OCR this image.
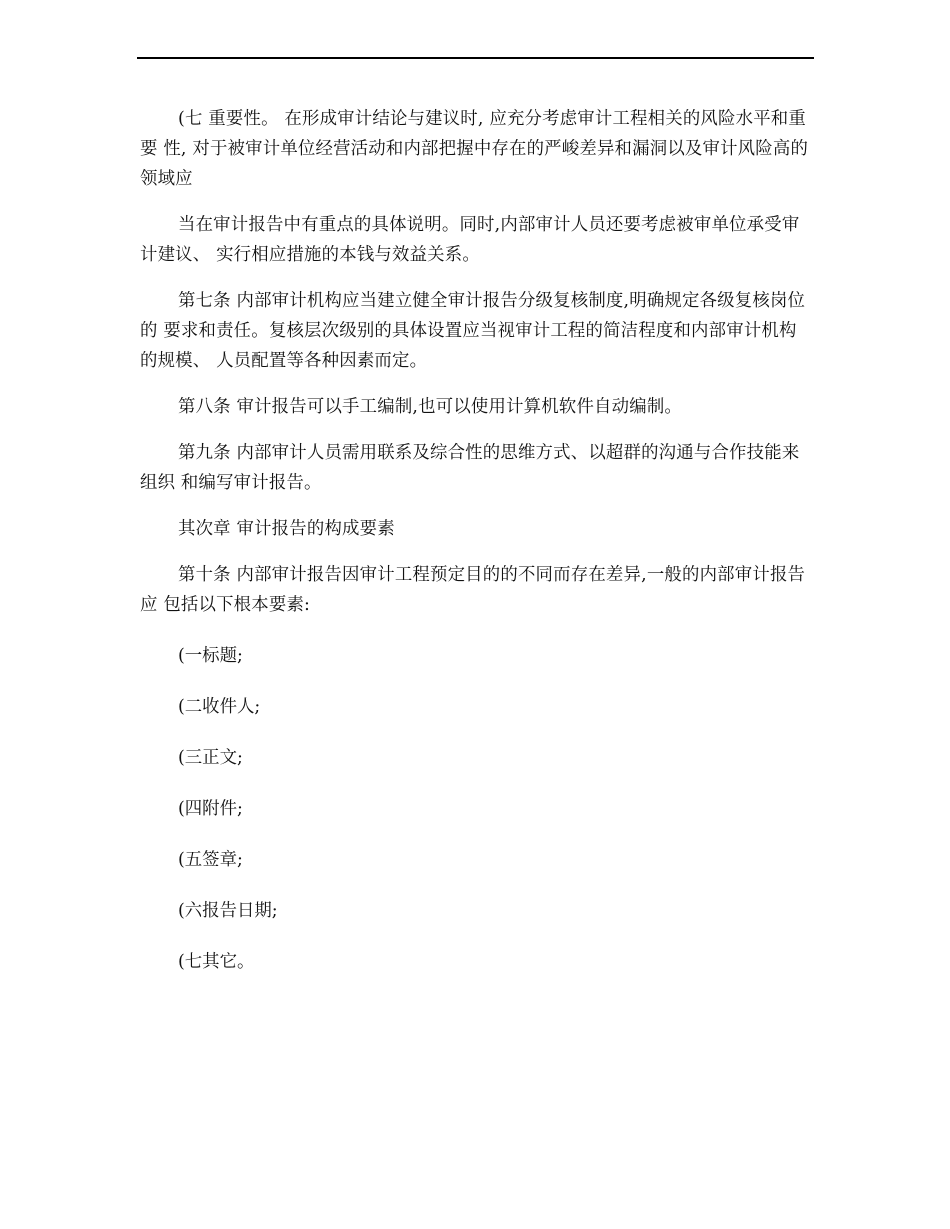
(七 重要性。 在形成审计结论与建议时, 应充分考虑审计工程相关的风险水平和重要 性, 对于被审计单位经营活动和内部把握中存在的严峻差异和漏洞以及审计风险高的领域应

当在审计报告中有重点的具体说明。同时,内部审计人员还要考虑被审单位承受审计建议、 实行相应措施的本钱与效益关系。

第七条 内部审计机构应当建立健全审计报告分级复核制度,明确规定各级复核岗位的 要求和责任。复核层次级别的具体设置应当视审计工程的简洁程度和内部审计机构的规模、 人员配置等各种因素而定。

第八条 审计报告可以手工编制,也可以使用计算机软件自动编制。

第九条 内部审计人员需用联系及综合性的思维方式、以超群的沟通与合作技能来组织 和编写审计报告。

其次章 审计报告的构成要素

第十条 内部审计报告因审计工程预定目的的不同而存在差异,一般的内部审计报告应 包括以下根本要素:

(一标题;

(二收件人;

(三正文;

(四附件;

(五签章;

(六报告日期;

(七其它。
